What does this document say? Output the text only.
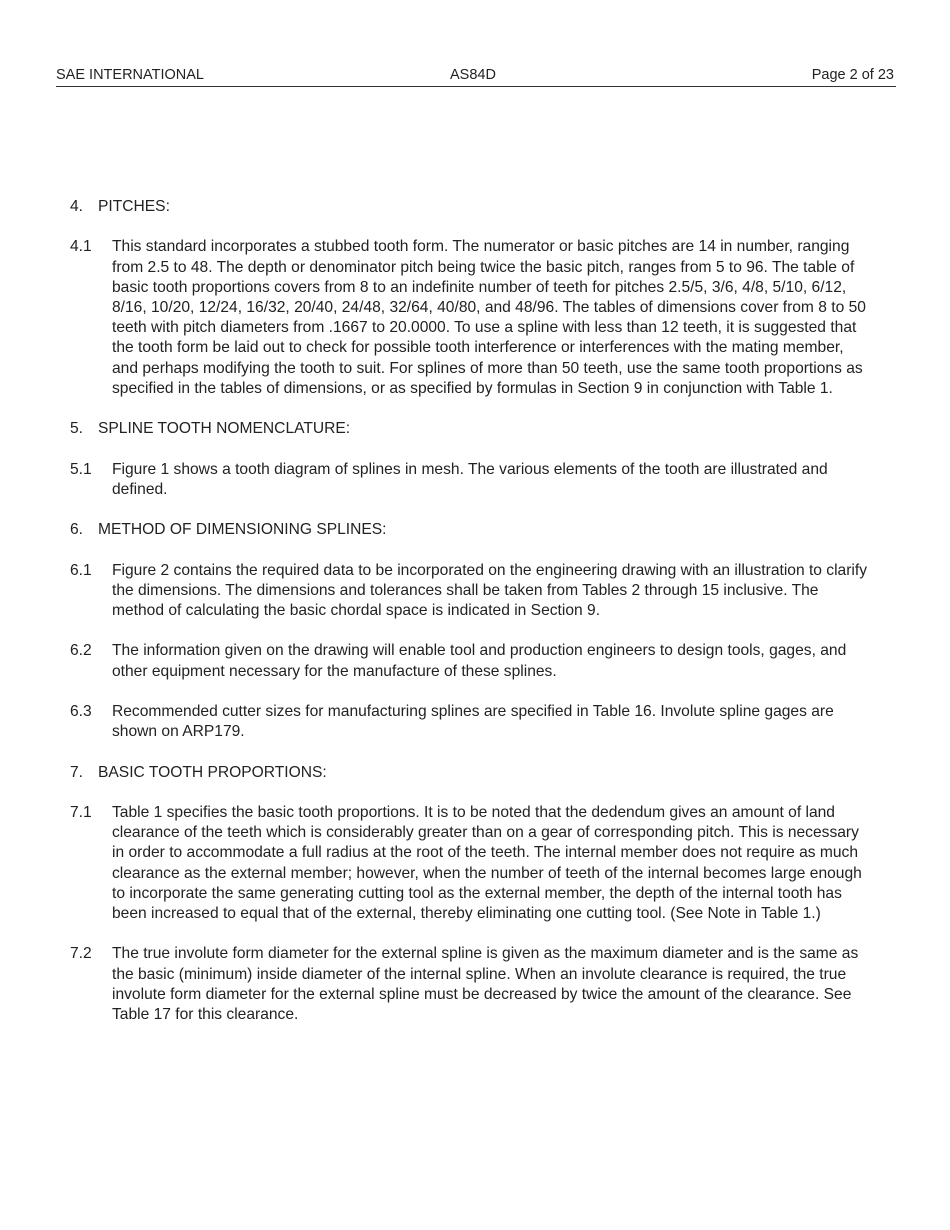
SAE INTERNATIONAL	AS84D	Page 2 of 23
4. PITCHES:
4.1	This standard incorporates a stubbed tooth form. The numerator or basic pitches are 14 in number, ranging from 2.5 to 48. The depth or denominator pitch being twice the basic pitch, ranges from 5 to 96. The table of basic tooth proportions covers from 8 to an indefinite number of teeth for pitches 2.5/5, 3/6, 4/8, 5/10, 6/12, 8/16, 10/20, 12/24, 16/32, 20/40, 24/48, 32/64, 40/80, and 48/96. The tables of dimensions cover from 8 to 50 teeth with pitch diameters from .1667 to 20.0000. To use a spline with less than 12 teeth, it is suggested that the tooth form be laid out to check for possible tooth interference or interferences with the mating member, and perhaps modifying the tooth to suit. For splines of more than 50 teeth, use the same tooth proportions as specified in the tables of dimensions, or as specified by formulas in Section 9 in conjunction with Table 1.
5. SPLINE TOOTH NOMENCLATURE:
5.1	Figure 1 shows a tooth diagram of splines in mesh. The various elements of the tooth are illustrated and defined.
6. METHOD OF DIMENSIONING SPLINES:
6.1	Figure 2 contains the required data to be incorporated on the engineering drawing with an illustration to clarify the dimensions. The dimensions and tolerances shall be taken from Tables 2 through 15 inclusive. The method of calculating the basic chordal space is indicated in Section 9.
6.2	The information given on the drawing will enable tool and production engineers to design tools, gages, and other equipment necessary for the manufacture of these splines.
6.3	Recommended cutter sizes for manufacturing splines are specified in Table 16. Involute spline gages are shown on ARP179.
7. BASIC TOOTH PROPORTIONS:
7.1	Table 1 specifies the basic tooth proportions. It is to be noted that the dedendum gives an amount of land clearance of the teeth which is considerably greater than on a gear of corresponding pitch. This is necessary in order to accommodate a full radius at the root of the teeth. The internal member does not require as much clearance as the external member; however, when the number of teeth of the internal becomes large enough to incorporate the same generating cutting tool as the external member, the depth of the internal tooth has been increased to equal that of the external, thereby eliminating one cutting tool. (See Note in Table 1.)
7.2	The true involute form diameter for the external spline is given as the maximum diameter and is the same as the basic (minimum) inside diameter of the internal spline. When an involute clearance is required, the true involute form diameter for the external spline must be decreased by twice the amount of the clearance. See Table 17 for this clearance.
